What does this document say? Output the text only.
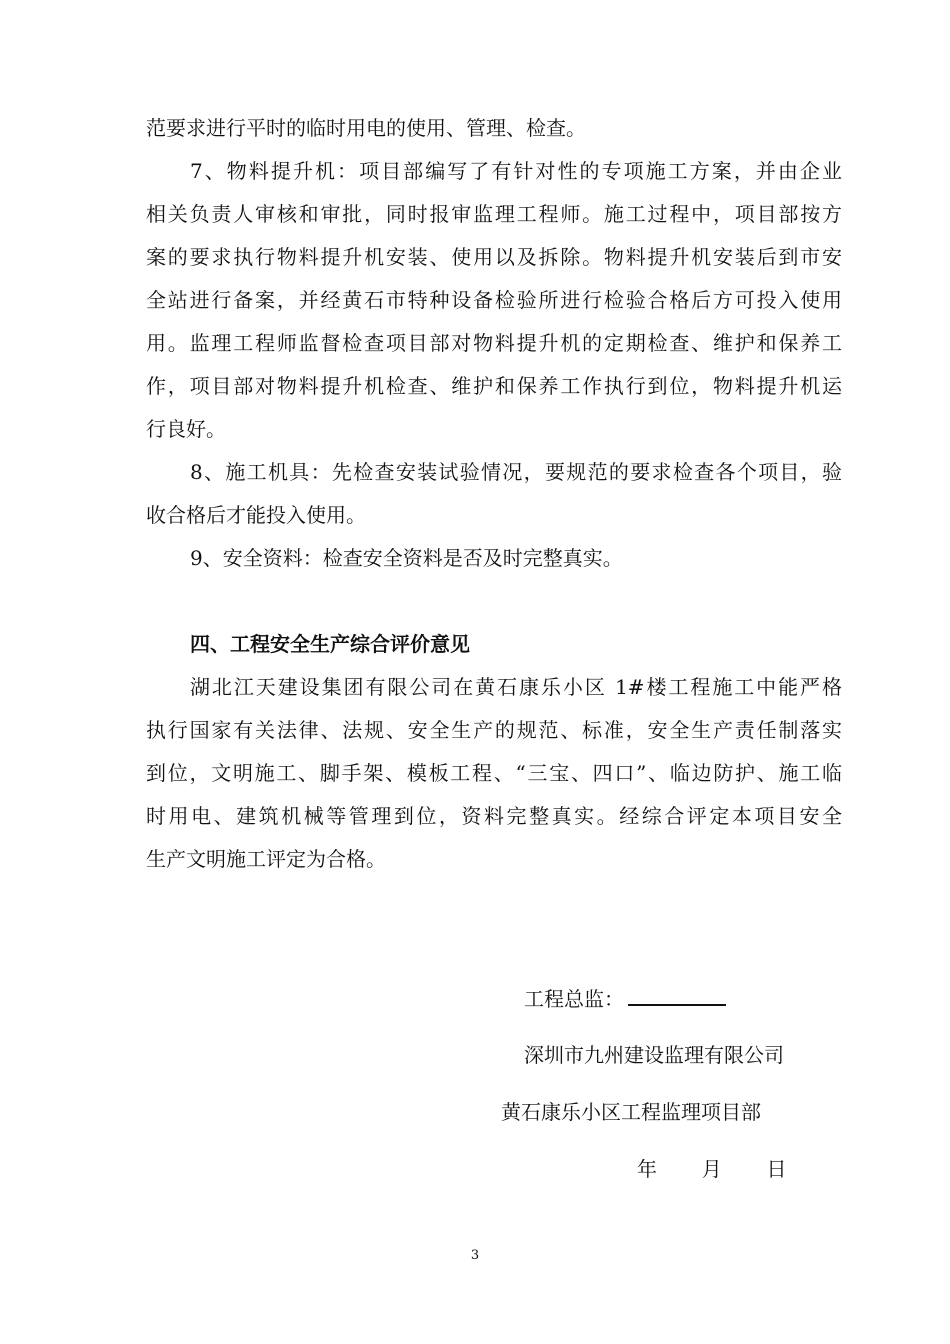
范要求进行平时的临时用电的使用、管理、检查。
7、物料提升机：项目部编写了有针对性的专项施工方案，并由企业
相关负责人审核和审批，同时报审监理工程师。施工过程中，项目部按方
案的要求执行物料提升机安装、使用以及拆除。物料提升机安装后到市安
全站进行备案，并经黄石市特种设备检验所进行检验合格后方可投入使用
用。监理工程师监督检查项目部对物料提升机的定期检查、维护和保养工
作，项目部对物料提升机检查、维护和保养工作执行到位，物料提升机运
行良好。
8、施工机具：先检查安装试验情况，要规范的要求检查各个项目，验
收合格后才能投入使用。
9、安全资料：检查安全资料是否及时完整真实。
四、工程安全生产综合评价意见
湖北江天建设集团有限公司在黄石康乐小区 1#楼工程施工中能严格
执行国家有关法律、法规、安全生产的规范、标准，安全生产责任制落实
到位，文明施工、脚手架、模板工程、“三宝、四口”、临边防护、施工临
时用电、建筑机械等管理到位，资料完整真实。经综合评定本项目安全
生产文明施工评定为合格。
工程总监：
深圳市九州建设监理有限公司
黄石康乐小区工程监理项目部
年 月 日
3
